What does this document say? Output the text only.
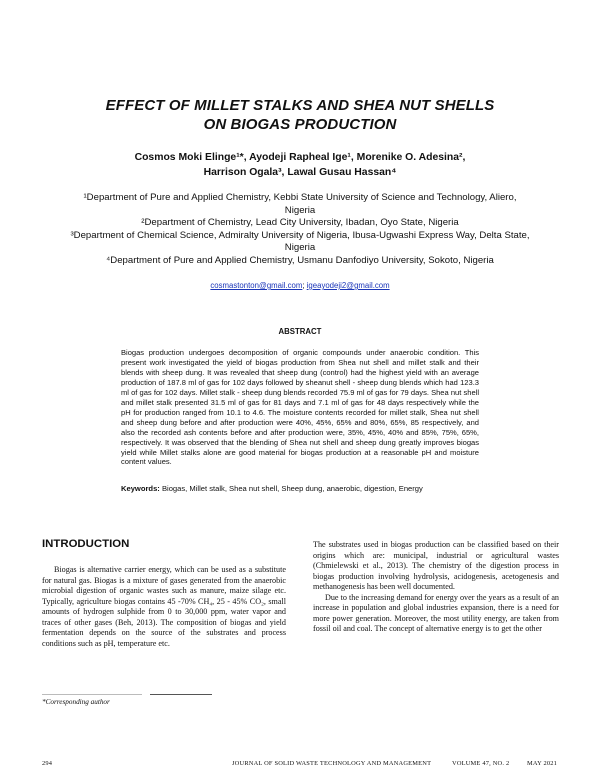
EFFECT OF MILLET STALKS AND SHEA NUT SHELLS
ON BIOGAS PRODUCTION
Cosmos Moki Elinge¹*, Ayodeji Rapheal Ige¹, Morenike O. Adesina²,
Harrison Ogala³, Lawal Gusau Hassan⁴

¹Department of Pure and Applied Chemistry, Kebbi State University of Science and Technology, Aliero, Nigeria

²Department of Chemistry, Lead City University, Ibadan, Oyo State, Nigeria

³Department of Chemical Science, Admiralty University of Nigeria, Ibusa-Ugwashi Express Way, Delta State, Nigeria

⁴Department of Pure and Applied Chemistry, Usmanu Danfodiyo University, Sokoto, Nigeria

cosmastonton@gmail.com; igeayodeji2@gmail.com
ABSTRACT
Biogas production undergoes decomposition of organic compounds under anaerobic condition. This present work investigated the yield of biogas production from Shea nut shell and millet stalk and their blends with sheep dung. It was revealed that sheep dung (control) had the highest yield with an average production of 187.8 ml of gas for 102 days followed by sheanut shell - sheep dung blends which had 123.3 ml of gas for 102 days. Millet stalk - sheep dung blends recorded 75.9 ml of gas for 79 days. Shea nut shell and millet stalk presented 31.5 ml of gas for 81 days and 7.1 ml of gas for 48 days respectively while the pH for production ranged from 10.1 to 4.6. The moisture contents recorded for millet stalk, Shea nut shell and sheep dung before and after production were 40%, 45%, 65% and 80%, 65%, 85 respectively, and also the recorded ash contents before and after production were, 35%, 45%, 40% and 85%, 75%, 65%, respectively. It was observed that the blending of Shea nut shell and sheep dung greatly improves biogas yield while Millet stalks alone are good material for biogas production at a reasonable pH and moisture content values.
Keywords: Biogas, Millet stalk, Shea nut shell, Sheep dung, anaerobic, digestion, Energy
INTRODUCTION

Biogas is alternative carrier energy, which can be used as a substitute for natural gas. Biogas is a mixture of gases generated from the anaerobic microbial digestion of organic wastes such as manure, maize silage etc. Typically, agriculture biogas contains 45 -70% CH₄, 25 - 45% CO₂, small amounts of hydrogen sulphide from 0 to 30,000 ppm, water vapor and traces of other gases (Beh, 2013). The composition of biogas and yield fermentation depends on the source of the substrates and process conditions such as pH, temperature etc.

The substrates used in biogas production can be classified based on their origins which are: municipal, industrial or agricultural wastes (Chmielewski et al., 2013). The chemistry of the digestion process in biogas production involving hydrolysis, acidogenesis, acetogenesis and methanogenesis has been well documented.

Due to the increasing demand for energy over the years as a result of an increase in population and global industries expansion, there is a need for more power generation. Moreover, the most utility energy, are taken from fossil oil and coal. The concept of alternative energy is to get the other

*Corresponding author
294	JOURNAL OF SOLID WASTE TECHNOLOGY AND MANAGEMENT	VOLUME 47, NO. 2	MAY 2021
